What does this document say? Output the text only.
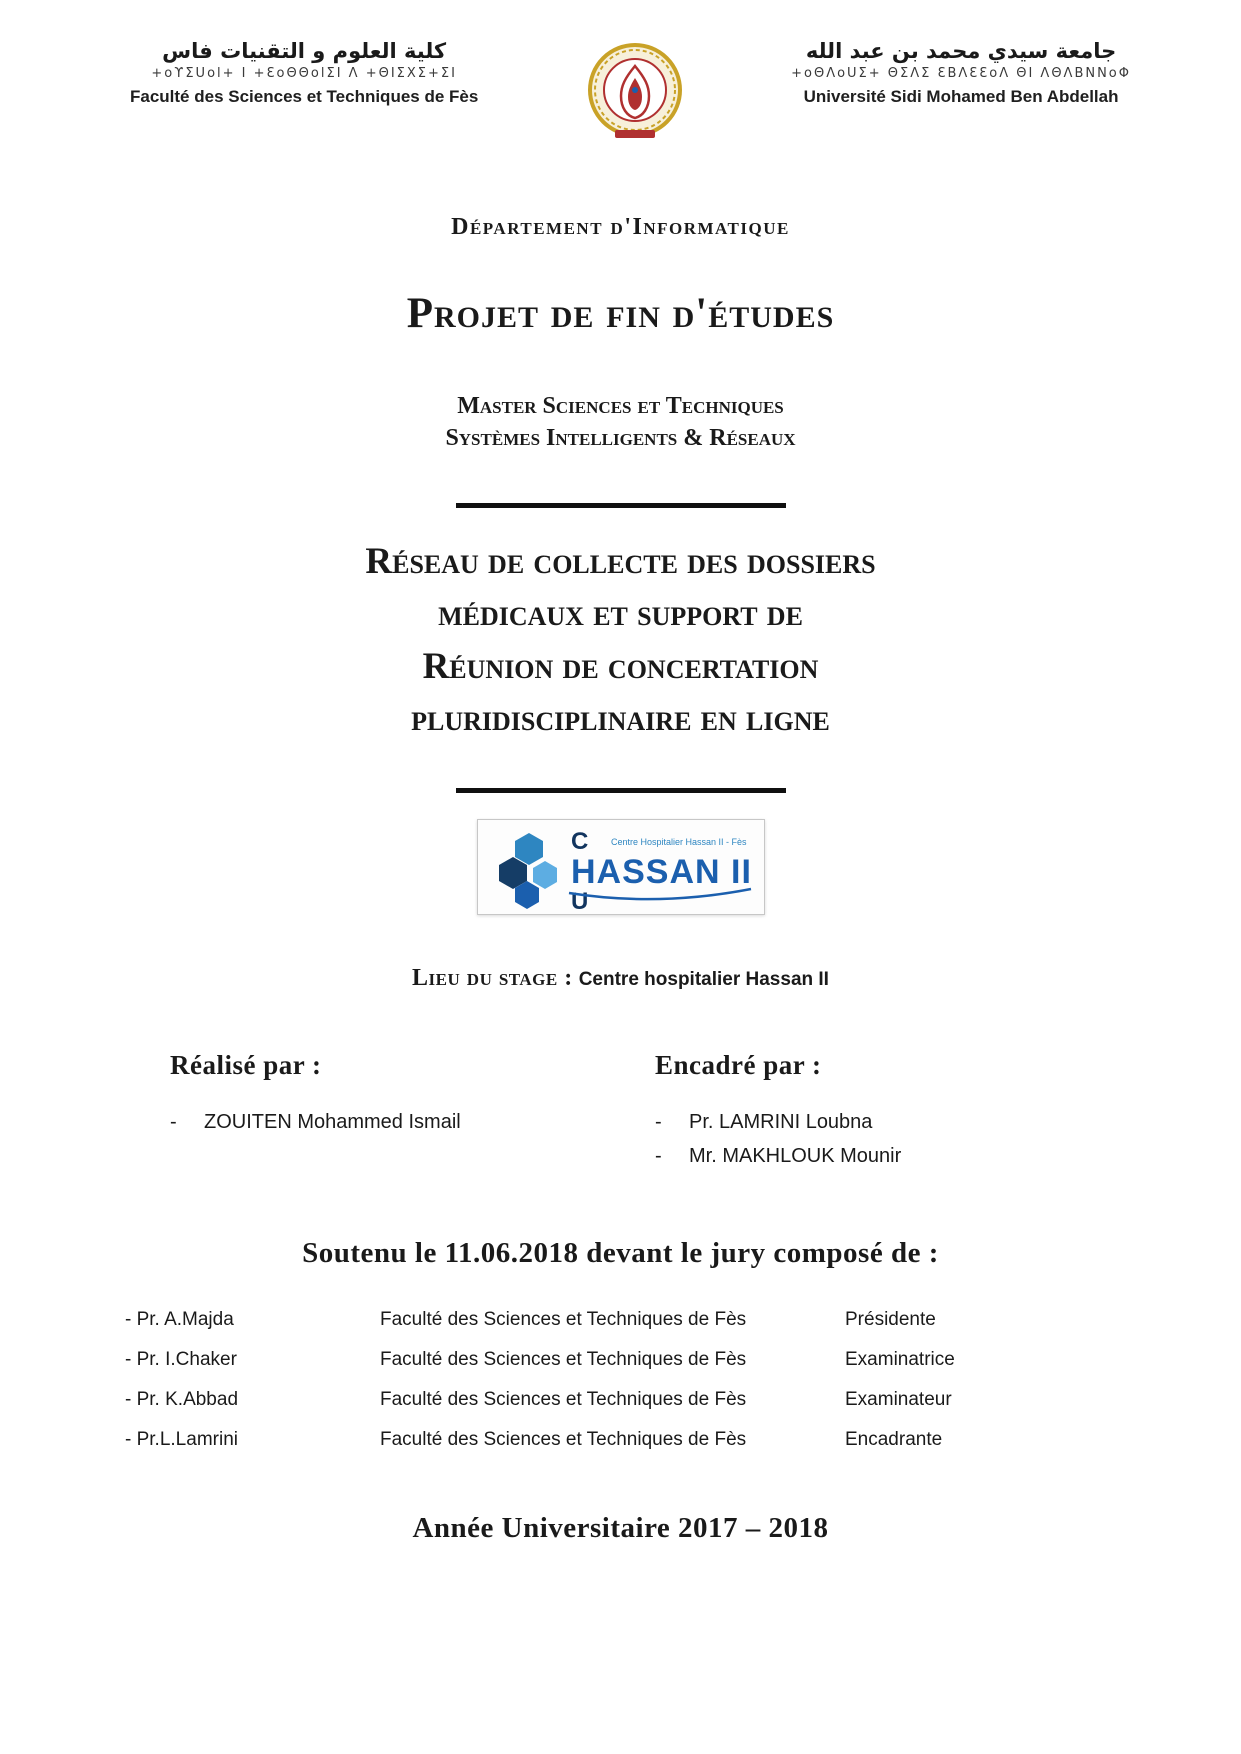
كلية العلوم و التقنيات فاس
+oϒΣUol+ I +ƐoΘΘolΣI Λ +ΘIΣΧΣ+ΣI
Faculté des Sciences et Techniques de Fès
جامعة سيدي محمد بن عبد الله
+oΘΛoUΣ+ ΘΣΛΣ ƐΒΛƐƐoΛ ΘI ΛΘΛΒΝΝoΦ
Université Sidi Mohamed Ben Abdellah
Département d'Informatique
Projet de fin d'études
Master Sciences et Techniques
Systèmes Intelligents & Réseaux
Réseau de collecte des dossiers
médicaux et support de
Réunion de concertation
pluridisciplinaire en ligne
C	Centre Hospitalier Hassan II - Fès
HASSAN II
U
Lieu du stage : Centre hospitalier Hassan II
Réalisé par :
-	ZOUITEN Mohammed Ismail
Encadré par :
-	Pr. LAMRINI Loubna
-	Mr. MAKHLOUK Mounir
Soutenu le 11.06.2018 devant le jury composé de :
- Pr. A.Majda	Faculté des Sciences et Techniques de Fès	Présidente
- Pr. I.Chaker	Faculté des Sciences et Techniques de Fès	Examinatrice
- Pr. K.Abbad	Faculté des Sciences et Techniques de Fès	Examinateur
- Pr.L.Lamrini	Faculté des Sciences et Techniques de Fès	Encadrante
Année Universitaire 2017 – 2018
